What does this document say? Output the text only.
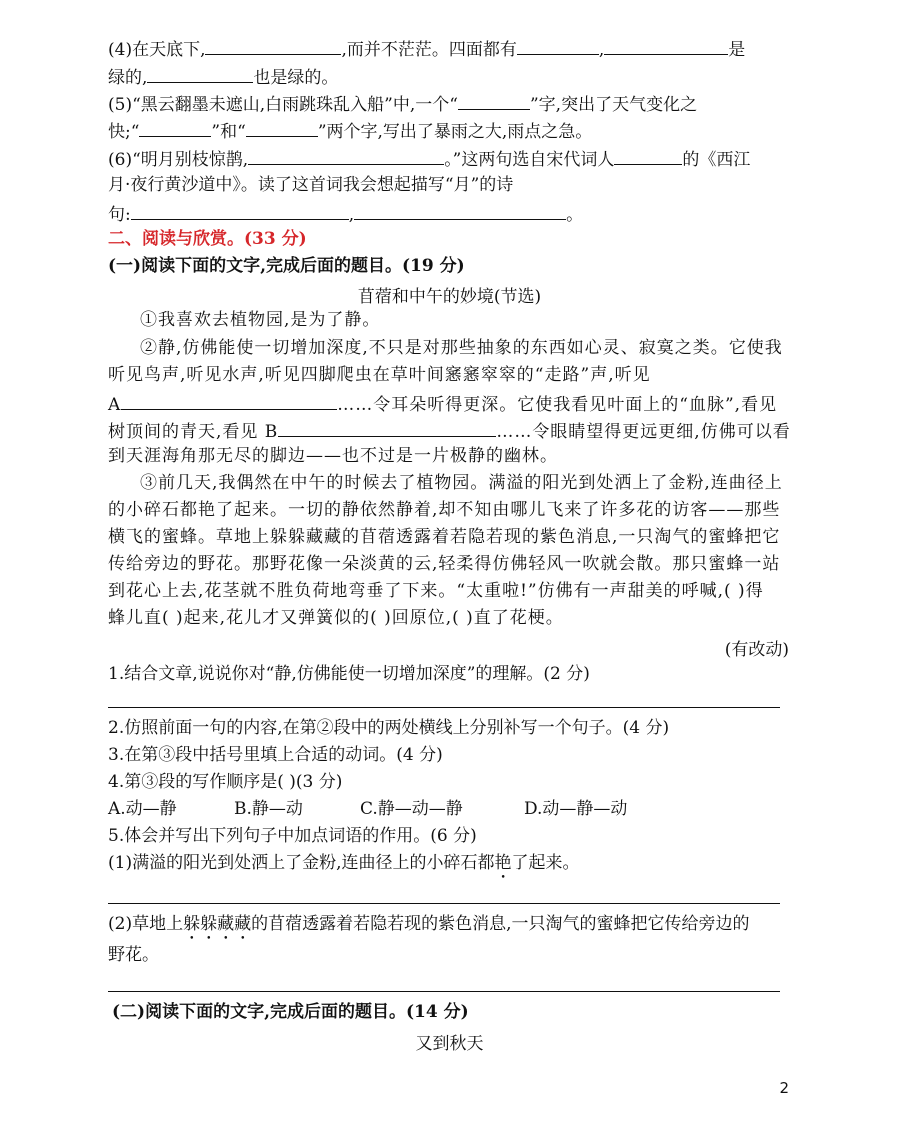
(4)在天底下,	,而并不茫茫。四面都有	,	是
绿的,	也是绿的。
(5)“黑云翻墨未遮山,白雨跳珠乱入船”中,一个“	”字,突出了天气变化之
快;“	”和“	”两个字,写出了暴雨之大,雨点之急。
(6)“明月别枝惊鹊,	。”这两句选自宋代词人	的《西江
月·夜行黄沙道中》。读了这首词我会想起描写“月”的诗
句:	,	。
二、阅读与欣赏。(33 分)
(一)阅读下面的文字,完成后面的题目。(19 分)
苜蓿和中午的妙境(节选)
①我喜欢去植物园,是为了静。
②静,仿佛能使一切增加深度,不只是对那些抽象的东西如心灵、寂寞之类。它使我
听见鸟声,听见水声,听见四脚爬虫在草叶间窸窸窣窣的“走路”声,听见
A	……令耳朵听得更深。它使我看见叶面上的“血脉”,看见
树顶间的青天,看见 B	……令眼睛望得更远更细,仿佛可以看
到天涯海角那无尽的脚边——也不过是一片极静的幽林。
③前几天,我偶然在中午的时候去了植物园。满溢的阳光到处洒上了金粉,连曲径上
的小碎石都艳了起来。一切的静依然静着,却不知由哪儿飞来了许多花的访客——那些
横飞的蜜蜂。草地上躲躲藏藏的苜蓿透露着若隐若现的紫色消息,一只淘气的蜜蜂把它
传给旁边的野花。那野花像一朵淡黄的云,轻柔得仿佛轻风一吹就会散。那只蜜蜂一站
到花心上去,花茎就不胜负荷地弯垂了下来。“太重啦!”仿佛有一声甜美的呼喊,( )得
蜂儿直( )起来,花儿才又弹簧似的( )回原位,( )直了花梗。
(有改动)
1.结合文章,说说你对“静,仿佛能使一切增加深度”的理解。(2 分)
2.仿照前面一句的内容,在第②段中的两处横线上分别补写一个句子。(4 分)
3.在第③段中括号里填上合适的动词。(4 分)
4.第③段的写作顺序是( )(3 分)
A.动—静	B.静—动	C.静—动—静	D.动—静—动
5.体会并写出下列句子中加点词语的作用。(6 分)
(1)满溢的阳光到处洒上了金粉,连曲径上的小碎石都艳了起来。
(2)草地上躲躲藏藏的苜蓿透露着若隐若现的紫色消息,一只淘气的蜜蜂把它传给旁边的
野花。
(二)阅读下面的文字,完成后面的题目。(14 分)
又到秋天
2
